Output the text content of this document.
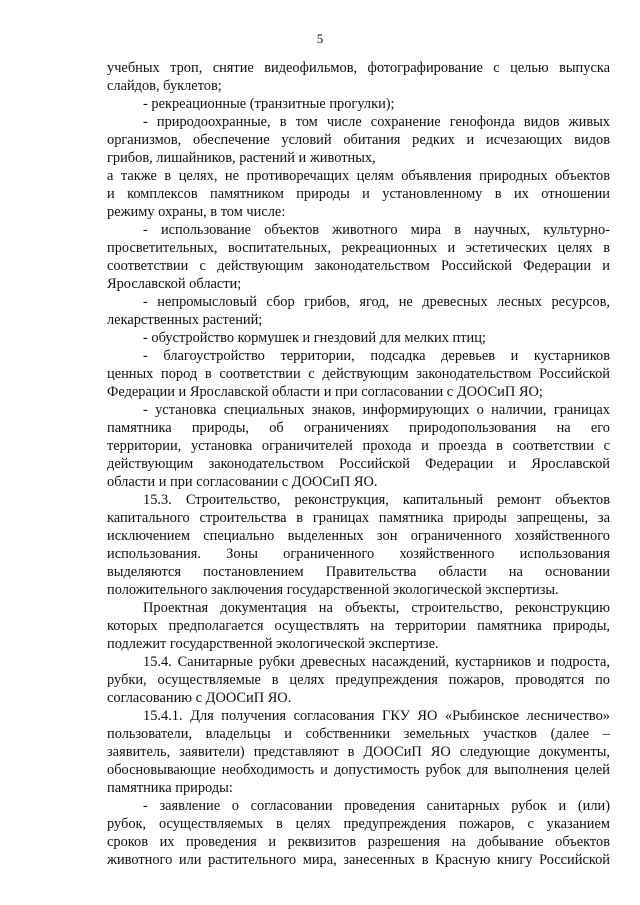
5
учебных троп, снятие видеофильмов, фотографирование с целью выпуска
слайдов, буклетов;
- рекреационные (транзитные прогулки);
- природоохранные, в том числе сохранение генофонда видов живых
организмов, обеспечение условий обитания редких и исчезающих видов
грибов, лишайников, растений и животных,
а также в целях, не противоречащих целям объявления природных объектов
и комплексов памятником природы и установленному в их отношении
режиму охраны, в том числе:
- использование объектов животного мира в научных, культурно-
просветительных, воспитательных, рекреационных и эстетических целях в
соответствии с действующим законодательством Российской Федерации и
Ярославской области;
- непромысловый сбор грибов, ягод, не древесных лесных ресурсов,
лекарственных растений;
- обустройство кормушек и гнездовий для мелких птиц;
- благоустройство территории, подсадка деревьев и кустарников
ценных пород в соответствии с действующим законодательством Российской
Федерации и Ярославской области и при согласовании с ДООСиП ЯО;
- установка специальных знаков, информирующих о наличии, границах
памятника природы, об ограничениях природопользования на его
территории, установка ограничителей прохода и проезда в соответствии с
действующим законодательством Российской Федерации и Ярославской
области и при согласовании с ДООСиП ЯО.
15.3. Строительство, реконструкция, капитальный ремонт объектов
капитального строительства в границах памятника природы запрещены, за
исключением специально выделенных зон ограниченного хозяйственного
использования. Зоны ограниченного хозяйственного использования
выделяются постановлением Правительства области на основании
положительного заключения государственной экологической экспертизы.
Проектная документация на объекты, строительство, реконструкцию
которых предполагается осуществлять на территории памятника природы,
подлежит государственной экологической экспертизе.
15.4. Санитарные рубки древесных насаждений, кустарников и подроста,
рубки, осуществляемые в целях предупреждения пожаров, проводятся по
согласованию с ДООСиП ЯО.
15.4.1. Для получения согласования ГКУ ЯО «Рыбинское лесничество»
пользователи, владельцы и собственники земельных участков (далее –
заявитель, заявители) представляют в ДООСиП ЯО следующие документы,
обосновывающие необходимость и допустимость рубок для выполнения целей
памятника природы:
- заявление о согласовании проведения санитарных рубок и (или)
рубок, осуществляемых в целях предупреждения пожаров, с указанием
сроков их проведения и реквизитов разрешения на добывание объектов
животного или растительного мира, занесенных в Красную книгу Российской
